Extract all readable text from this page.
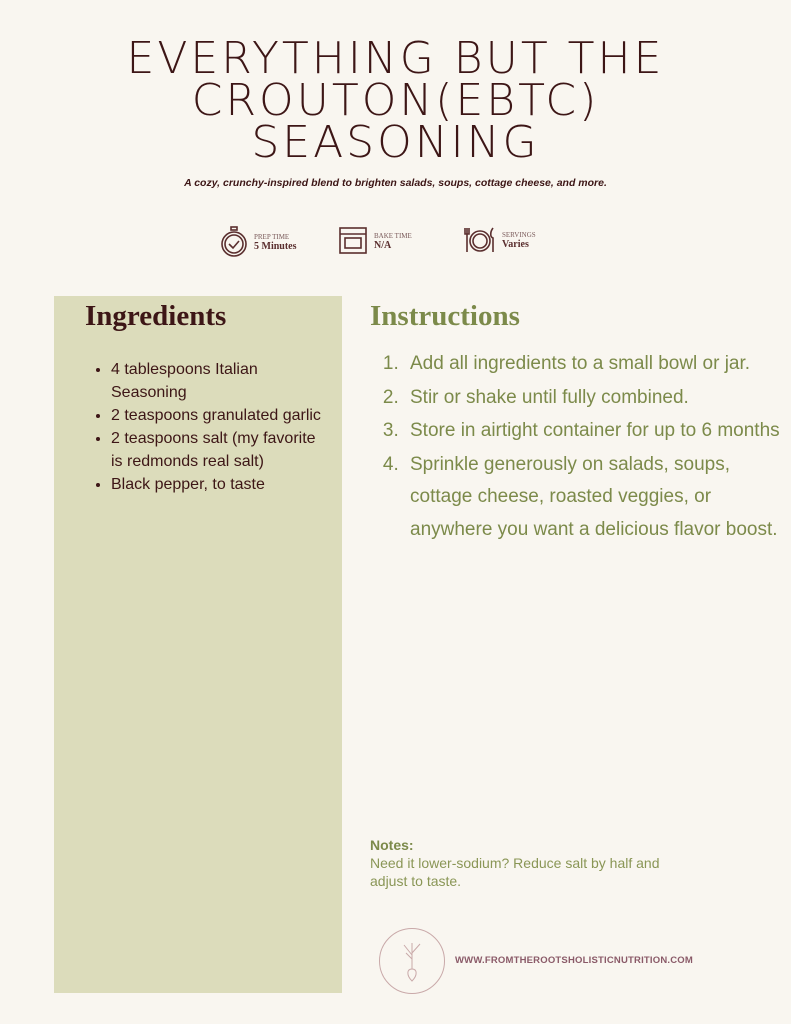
EVERYTHING BUT THE CROUTON(EBTC) SEASONING
A cozy, crunchy-inspired blend to brighten salads, soups, cottage cheese, and more.
PREP TIME
5 Minutes
BAKE TIME
N/A
SERVINGS
Varies
Ingredients
• 4 tablespoons Italian Seasoning
• 2 teaspoons granulated garlic
• 2 teaspoons salt (my favorite is redmonds real salt)
• Black pepper, to taste
Instructions
1. Add all ingredients to a small bowl or jar.
2. Stir or shake until fully combined.
3. Store in airtight container for up to 6 months
4. Sprinkle generously on salads, soups, cottage cheese, roasted veggies, or anywhere you want a delicious flavor boost.
Notes:
Need it lower-sodium? Reduce salt by half and adjust to taste.
WWW.FROMTHEROOTSHOLISTICNUTRITION.COM
